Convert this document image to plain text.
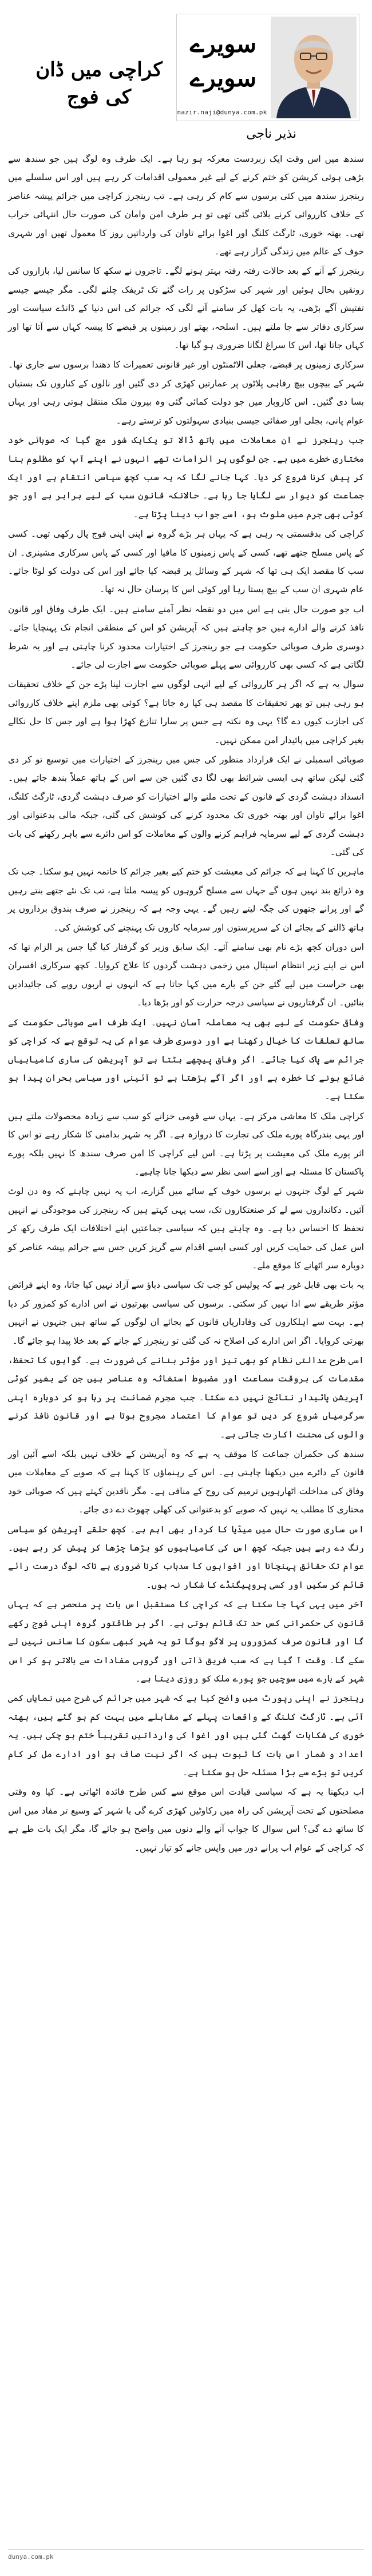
سویرے
سویرے
nazir.naji@dunya.com.pk
کراچی میں ڈان کی فوج
نذیر ناجی

سندھ میں اس وقت ایک زبردست معرکہ ہو رہا ہے۔ ایک طرف وہ لوگ ہیں جو سندھ سے بڑھی ہوئی کرپشن کو ختم کرنے کے لیے غیر معمولی اقدامات کر رہے ہیں اور اس سلسلے میں رینجرز سندھ میں کئی برسوں سے کام کر رہی ہے۔ تب رینجرز کراچی میں جرائم پیشہ عناصر کے خلاف کارروائی کرنے بلائی گئی تھی تو ہر طرف امن وامان کی صورت حال انتہائی خراب تھی۔ بھتہ خوری، ٹارگٹ کلنگ اور اغوا برائے تاوان کی وارداتیں روز کا معمول تھیں اور شہری خوف کے عالم میں زندگی گزار رہے تھے۔

رینجرز کے آنے کے بعد حالات رفتہ رفتہ بہتر ہونے لگے۔ تاجروں نے سکھ کا سانس لیا، بازاروں کی رونقیں بحال ہوئیں اور شہر کی سڑکوں پر رات گئے تک ٹریفک چلنے لگی۔ مگر جیسے جیسے تفتیش آگے بڑھی، یہ بات کھل کر سامنے آنے لگی کہ جرائم کی اس دنیا کے ڈانڈے سیاست اور سرکاری دفاتر سے جا ملتے ہیں۔ اسلحہ، بھتے اور زمینوں پر قبضے کا پیسہ کہاں سے آتا تھا اور کہاں جاتا تھا، اس کا سراغ لگانا ضروری ہو گیا تھا۔

سرکاری زمینوں پر قبضے، جعلی الاٹمنٹوں اور غیر قانونی تعمیرات کا دھندا برسوں سے جاری تھا۔ شہر کے بیچوں بیچ رفاہی پلاٹوں پر عمارتیں کھڑی کر دی گئیں اور نالوں کے کناروں تک بستیاں بسا دی گئیں۔ اس کاروبار میں جو دولت کمائی گئی وہ بیرون ملک منتقل ہوتی رہی اور یہاں عوام پانی، بجلی اور صفائی جیسی بنیادی سہولتوں کو ترستے رہے۔

جب رینجرز نے ان معاملات میں ہاتھ ڈالا تو یکایک شور مچ گیا کہ صوبائی خود مختاری خطرے میں ہے۔ جن لوگوں پر الزامات تھے انہوں نے اپنے آپ کو مظلوم بنا کر پیش کرنا شروع کر دیا۔ کہا جانے لگا کہ یہ سب کچھ سیاسی انتقام ہے اور ایک جماعت کو دیوار سے لگایا جا رہا ہے۔ حالانکہ قانون سب کے لیے برابر ہے اور جو کوئی بھی جرم میں ملوث ہو، اسے جواب دینا پڑتا ہے۔

کراچی کی بدقسمتی یہ رہی ہے کہ یہاں ہر بڑے گروہ نے اپنی اپنی فوج پال رکھی تھی۔ کسی کے پاس مسلح جتھے تھے، کسی کے پاس زمینوں کا مافیا اور کسی کے پاس سرکاری مشینری۔ ان سب کا مقصد ایک ہی تھا کہ شہر کے وسائل پر قبضہ کیا جائے اور اس کی دولت کو لوٹا جائے۔ عام شہری ان سب کے بیچ پستا رہا اور کوئی اس کا پرسان حال نہ تھا۔

اب جو صورت حال بنی ہے اس میں دو نقطہ نظر آمنے سامنے ہیں۔ ایک طرف وفاق اور قانون نافذ کرنے والے ادارے ہیں جو چاہتے ہیں کہ آپریشن کو اس کے منطقی انجام تک پہنچایا جائے۔ دوسری طرف صوبائی حکومت ہے جو رینجرز کے اختیارات محدود کرنا چاہتی ہے اور یہ شرط لگاتی ہے کہ کسی بھی کارروائی سے پہلے صوبائی حکومت سے اجازت لی جائے۔

سوال یہ ہے کہ اگر ہر کارروائی کے لیے انہی لوگوں سے اجازت لینا پڑے جن کے خلاف تحقیقات ہو رہی ہیں تو پھر تحقیقات کا مقصد ہی کیا رہ جاتا ہے؟ کوئی بھی ملزم اپنے خلاف کارروائی کی اجازت کیوں دے گا؟ یہی وہ نکتہ ہے جس پر سارا تنازع کھڑا ہوا ہے اور جس کا حل نکالے بغیر کراچی میں پائیدار امن ممکن نہیں۔

صوبائی اسمبلی نے ایک قرارداد منظور کی جس میں رینجرز کے اختیارات میں توسیع تو کر دی گئی لیکن ساتھ ہی ایسی شرائط بھی لگا دی گئیں جن سے اس کے ہاتھ عملاً بندھ جاتے ہیں۔ انسداد دہشت گردی کے قانون کے تحت ملنے والے اختیارات کو صرف دہشت گردی، ٹارگٹ کلنگ، اغوا برائے تاوان اور بھتہ خوری تک محدود کرنے کی کوشش کی گئی، جبکہ مالی بدعنوانی اور دہشت گردی کے لیے سرمایہ فراہم کرنے والوں کے معاملات کو اس دائرے سے باہر رکھنے کی بات کی گئی۔

ماہرین کا کہنا ہے کہ جرائم کی معیشت کو ختم کیے بغیر جرائم کا خاتمہ نہیں ہو سکتا۔ جب تک وہ ذرائع بند نہیں ہوں گے جہاں سے مسلح گروہوں کو پیسہ ملتا ہے، تب تک نئے جتھے بنتے رہیں گے اور پرانے جتھوں کی جگہ لیتے رہیں گے۔ یہی وجہ ہے کہ رینجرز نے صرف بندوق برداروں پر ہاتھ ڈالنے کے بجائے ان کے سرپرستوں اور سرمایہ کاروں تک پہنچنے کی کوشش کی۔

اس دوران کچھ بڑے نام بھی سامنے آئے۔ ایک سابق وزیر کو گرفتار کیا گیا جس پر الزام تھا کہ اس نے اپنے زیر انتظام اسپتال میں زخمی دہشت گردوں کا علاج کروایا۔ کچھ سرکاری افسران بھی حراست میں لیے گئے جن کے بارے میں کہا جاتا ہے کہ انہوں نے اربوں روپے کی جائیدادیں بنائیں۔ ان گرفتاریوں نے سیاسی درجہ حرارت کو اور بڑھا دیا۔

وفاقی حکومت کے لیے بھی یہ معاملہ آسان نہیں۔ ایک طرف اسے صوبائی حکومت کے ساتھ تعلقات کا خیال رکھنا ہے اور دوسری طرف عوام کی یہ توقع ہے کہ کراچی کو جرائم سے پاک کیا جائے۔ اگر وفاق پیچھے ہٹتا ہے تو آپریشن کی ساری کامیابیاں ضائع ہونے کا خطرہ ہے اور اگر آگے بڑھتا ہے تو آئینی اور سیاسی بحران پیدا ہو سکتا ہے۔

کراچی ملک کا معاشی مرکز ہے۔ یہاں سے قومی خزانے کو سب سے زیادہ محصولات ملتے ہیں اور یہی بندرگاہ پورے ملک کی تجارت کا دروازہ ہے۔ اگر یہ شہر بدامنی کا شکار رہے تو اس کا اثر پورے ملک کی معیشت پر پڑتا ہے۔ اس لیے کراچی کا امن صرف سندھ کا نہیں بلکہ پورے پاکستان کا مسئلہ ہے اور اسے اسی نظر سے دیکھا جانا چاہیے۔

شہر کے لوگ جنہوں نے برسوں خوف کے سائے میں گزارے، اب یہ نہیں چاہتے کہ وہ دن لوٹ آئیں۔ دکانداروں سے لے کر صنعتکاروں تک، سب یہی کہتے ہیں کہ رینجرز کی موجودگی نے انہیں تحفظ کا احساس دیا ہے۔ وہ چاہتے ہیں کہ سیاسی جماعتیں اپنے اختلافات ایک طرف رکھ کر اس عمل کی حمایت کریں اور کسی ایسے اقدام سے گریز کریں جس سے جرائم پیشہ عناصر کو دوبارہ سر اٹھانے کا موقع ملے۔

یہ بات بھی قابل غور ہے کہ پولیس کو جب تک سیاسی دباؤ سے آزاد نہیں کیا جاتا، وہ اپنے فرائض مؤثر طریقے سے ادا نہیں کر سکتی۔ برسوں کی سیاسی بھرتیوں نے اس ادارے کو کمزور کر دیا ہے۔ بہت سے اہلکاروں کی وفاداریاں قانون کے بجائے ان لوگوں کے ساتھ ہیں جنہوں نے انہیں بھرتی کروایا۔ اگر اس ادارے کی اصلاح نہ کی گئی تو رینجرز کے جانے کے بعد خلا پیدا ہو جائے گا۔

اسی طرح عدالتی نظام کو بھی تیز اور مؤثر بنانے کی ضرورت ہے۔ گواہوں کا تحفظ، مقدمات کی بروقت سماعت اور مضبوط استغاثہ وہ عناصر ہیں جن کے بغیر کوئی آپریشن پائیدار نتائج نہیں دے سکتا۔ جب مجرم ضمانت پر رہا ہو کر دوبارہ اپنی سرگرمیاں شروع کر دیں تو عوام کا اعتماد مجروح ہوتا ہے اور قانون نافذ کرنے والوں کی محنت اکارت جاتی ہے۔

سندھ کی حکمران جماعت کا موقف یہ ہے کہ وہ آپریشن کے خلاف نہیں بلکہ اسے آئین اور قانون کے دائرے میں دیکھنا چاہتی ہے۔ اس کے رہنماؤں کا کہنا ہے کہ صوبے کے معاملات میں وفاق کی مداخلت اٹھارہویں ترمیم کی روح کے منافی ہے۔ مگر ناقدین کہتے ہیں کہ صوبائی خود مختاری کا مطلب یہ نہیں کہ صوبے کو بدعنوانی کی کھلی چھوٹ دے دی جائے۔

اس ساری صورت حال میں میڈیا کا کردار بھی اہم ہے۔ کچھ حلقے آپریشن کو سیاسی رنگ دے رہے ہیں جبکہ کچھ اس کی کامیابیوں کو بڑھا چڑھا کر پیش کر رہے ہیں۔ عوام تک حقائق پہنچانا اور افواہوں کا سدباب کرنا ضروری ہے تاکہ لوگ درست رائے قائم کر سکیں اور کسی پروپیگنڈے کا شکار نہ ہوں۔

آخر میں یہی کہا جا سکتا ہے کہ کراچی کا مستقبل اس بات پر منحصر ہے کہ یہاں قانون کی حکمرانی کس حد تک قائم ہوتی ہے۔ اگر ہر طاقتور گروہ اپنی فوج رکھے گا اور قانون صرف کمزوروں پر لاگو ہوگا تو یہ شہر کبھی سکون کا سانس نہیں لے سکے گا۔ وقت آ گیا ہے کہ سب فریق ذاتی اور گروہی مفادات سے بالاتر ہو کر اس شہر کے بارے میں سوچیں جو پورے ملک کو روزی دیتا ہے۔

رینجرز نے اپنی رپورٹ میں واضح کیا ہے کہ شہر میں جرائم کی شرح میں نمایاں کمی آئی ہے۔ ٹارگٹ کلنگ کے واقعات پہلے کے مقابلے میں بہت کم ہو گئے ہیں، بھتہ خوری کی شکایات گھٹ گئی ہیں اور اغوا کی وارداتیں تقریباً ختم ہو چکی ہیں۔ یہ اعداد و شمار اس بات کا ثبوت ہیں کہ اگر نیت صاف ہو اور ادارے مل کر کام کریں تو بڑے سے بڑا مسئلہ حل ہو سکتا ہے۔

اب دیکھنا یہ ہے کہ سیاسی قیادت اس موقع سے کس طرح فائدہ اٹھاتی ہے۔ کیا وہ وقتی مصلحتوں کے تحت آپریشن کی راہ میں رکاوٹیں کھڑی کرے گی یا شہر کے وسیع تر مفاد میں اس کا ساتھ دے گی؟ اس سوال کا جواب آنے والے دنوں میں واضح ہو جائے گا، مگر ایک بات طے ہے کہ کراچی کے عوام اب پرانے دور میں واپس جانے کو تیار نہیں۔

dunya.com.pk
